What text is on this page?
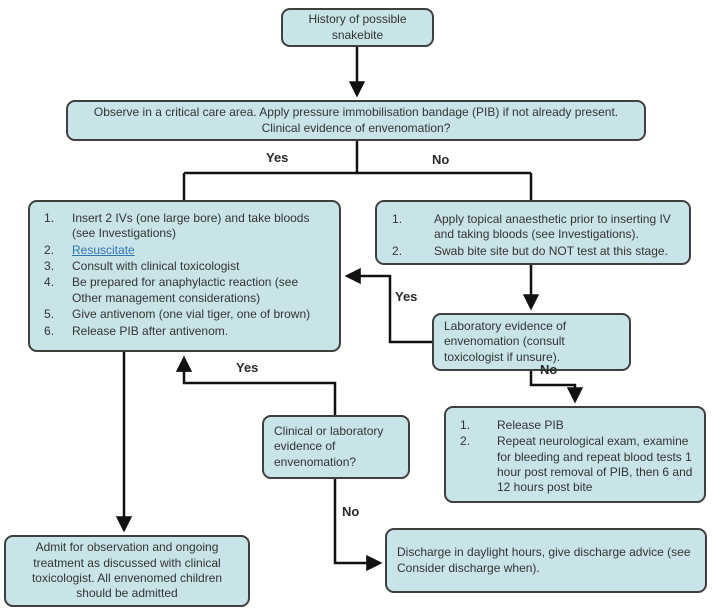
History of possible snakebite
Observe in a critical care area. Apply pressure immobilisation bandage (PIB) if not already present. Clinical evidence of envenomation?
Insert 2 IVs (one large bore) and take bloods (see Investigations)
Resuscitate
Consult with clinical toxicologist
Be prepared for anaphylactic reaction (see Other management considerations)
Give antivenom (one vial tiger, one of brown)
Release PIB after antivenom.
Apply topical anaesthetic prior to inserting IV and taking bloods (see Investigations).
Swab bite site but do NOT test at this stage.
Laboratory evidence of envenomation (consult toxicologist if unsure).
Release PIB
Repeat neurological exam, examine for bleeding and repeat blood tests 1 hour post removal of PIB, then 6 and 12 hours post bite
Clinical or laboratory evidence of envenomation?
Admit for observation and ongoing treatment as discussed with clinical toxicologist. All envenomed children should be admitted
Discharge in daylight hours, give discharge advice (see Consider discharge when).
Yes	No
Yes
No
Yes
No
